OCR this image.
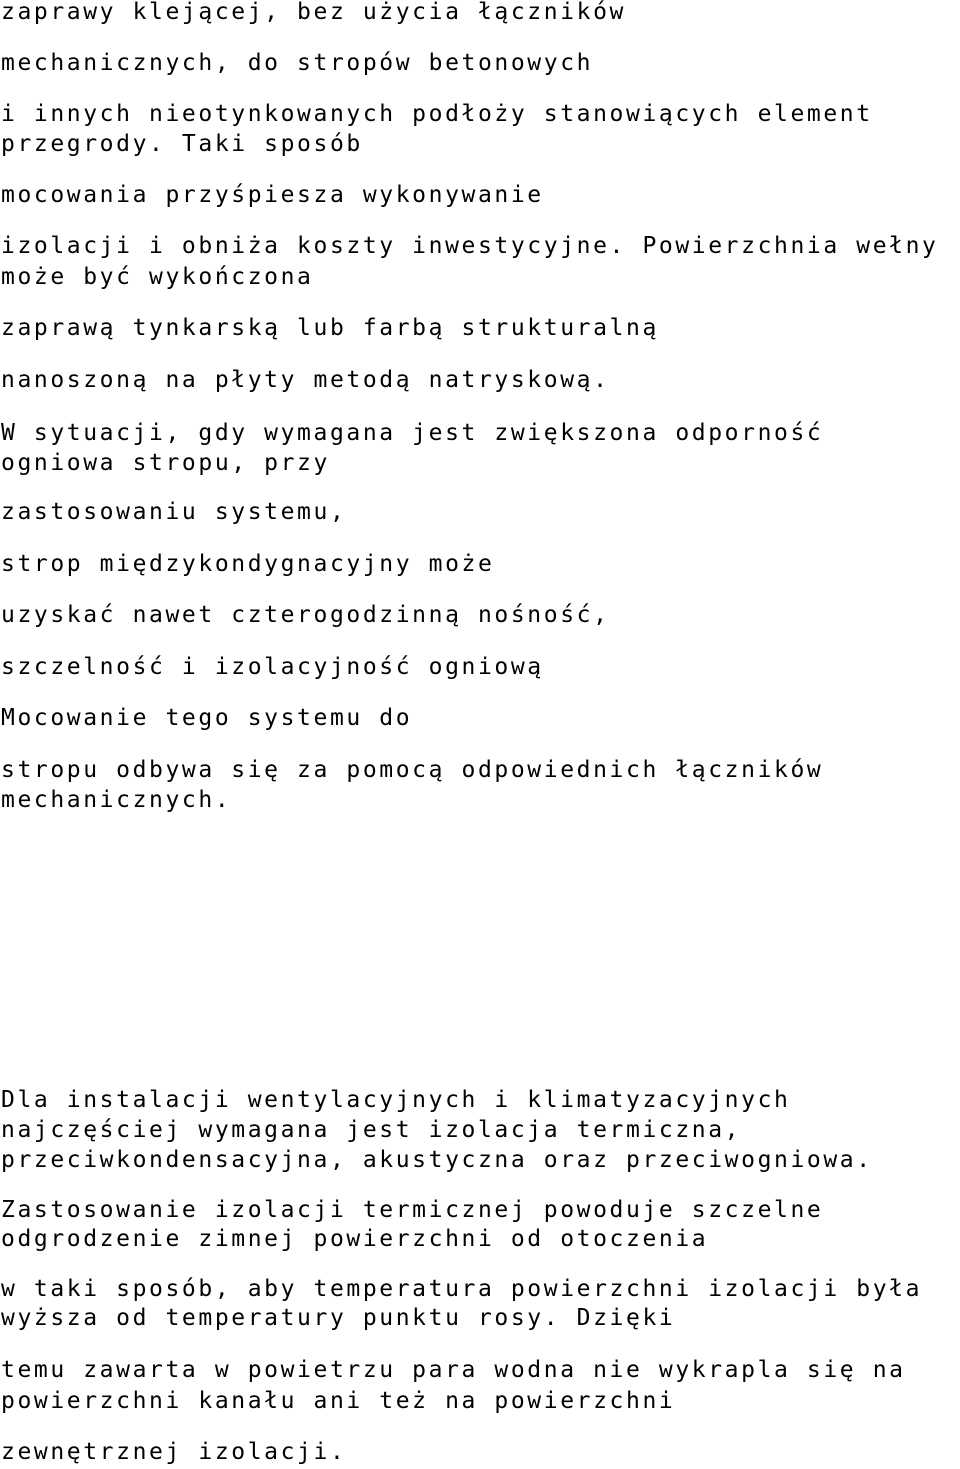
zaprawy klejącej, bez użycia łączników

mechanicznych, do stropów betonowych

i innych nieotynkowanych podłoży stanowiących element

przegrody. Taki sposób

mocowania przyśpiesza wykonywanie

izolacji i obniża koszty inwestycyjne. Powierzchnia wełny

może być wykończona

zaprawą tynkarską lub farbą strukturalną

nanoszoną na płyty metodą natryskową.

W sytuacji, gdy wymagana jest zwiększona odporność

ogniowa stropu, przy

zastosowaniu systemu,

strop międzykondygnacyjny może

uzyskać nawet czterogodzinną nośność,

szczelność i izolacyjność ogniową

Mocowanie tego systemu do

stropu odbywa się za pomocą odpowiednich łączników

mechanicznych.

Dla instalacji wentylacyjnych i klimatyzacyjnych

najczęściej wymagana jest izolacja termiczna,

przeciwkondensacyjna, akustyczna oraz przeciwogniowa.

Zastosowanie izolacji termicznej powoduje szczelne

odgrodzenie zimnej powierzchni od otoczenia

w taki sposób, aby temperatura powierzchni izolacji była

wyższa od temperatury punktu rosy. Dzięki

temu zawarta w powietrzu para wodna nie wykrapla się na

powierzchni kanału ani też na powierzchni

zewnętrznej izolacji.
